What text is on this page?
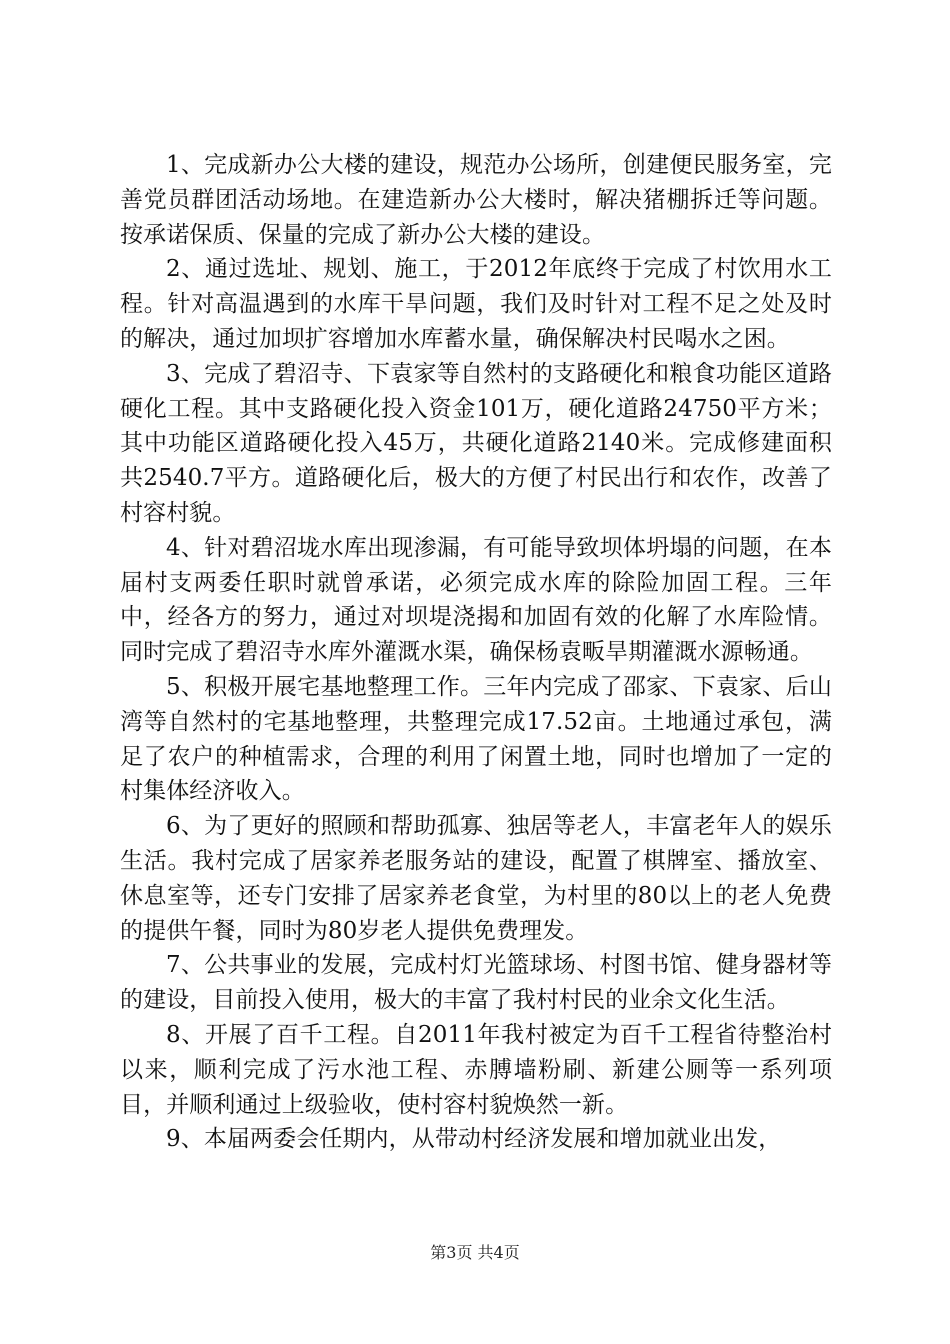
1、完成新办公大楼的建设，规范办公场所，创建便民服务室，完善党员群团活动场地。在建造新办公大楼时，解决猪棚拆迁等问题。按承诺保质、保量的完成了新办公大楼的建设。

2、通过选址、规划、施工，于2012年底终于完成了村饮用水工程。针对高温遇到的水库干旱问题，我们及时针对工程不足之处及时的解决，通过加坝扩容增加水库蓄水量，确保解决村民喝水之困。

3、完成了碧沼寺、下袁家等自然村的支路硬化和粮食功能区道路硬化工程。其中支路硬化投入资金101万，硬化道路24750平方米；其中功能区道路硬化投入45万，共硬化道路2140米。完成修建面积共2540.7平方。道路硬化后，极大的方便了村民出行和农作，改善了村容村貌。

4、针对碧沼垅水库出现渗漏，有可能导致坝体坍塌的问题，在本届村支两委任职时就曾承诺，必须完成水库的除险加固工程。三年中，经各方的努力，通过对坝堤浇揭和加固有效的化解了水库险情。同时完成了碧沼寺水库外灌溉水渠，确保杨袁畈旱期灌溉水源畅通。

5、积极开展宅基地整理工作。三年内完成了邵家、下袁家、后山湾等自然村的宅基地整理，共整理完成17.52亩。土地通过承包，满足了农户的种植需求，合理的利用了闲置土地，同时也增加了一定的村集体经济收入。

6、为了更好的照顾和帮助孤寡、独居等老人，丰富老年人的娱乐生活。我村完成了居家养老服务站的建设，配置了棋牌室、播放室、休息室等，还专门安排了居家养老食堂，为村里的80以上的老人免费的提供午餐，同时为80岁老人提供免费理发。

7、公共事业的发展，完成村灯光篮球场、村图书馆、健身器材等的建设，目前投入使用，极大的丰富了我村村民的业余文化生活。

8、开展了百千工程。自2011年我村被定为百千工程省待整治村以来，顺利完成了污水池工程、赤膊墙粉刷、新建公厕等一系列项目，并顺利通过上级验收，使村容村貌焕然一新。

9、本届两委会任期内，从带动村经济发展和增加就业出发，

第3页 共4页
